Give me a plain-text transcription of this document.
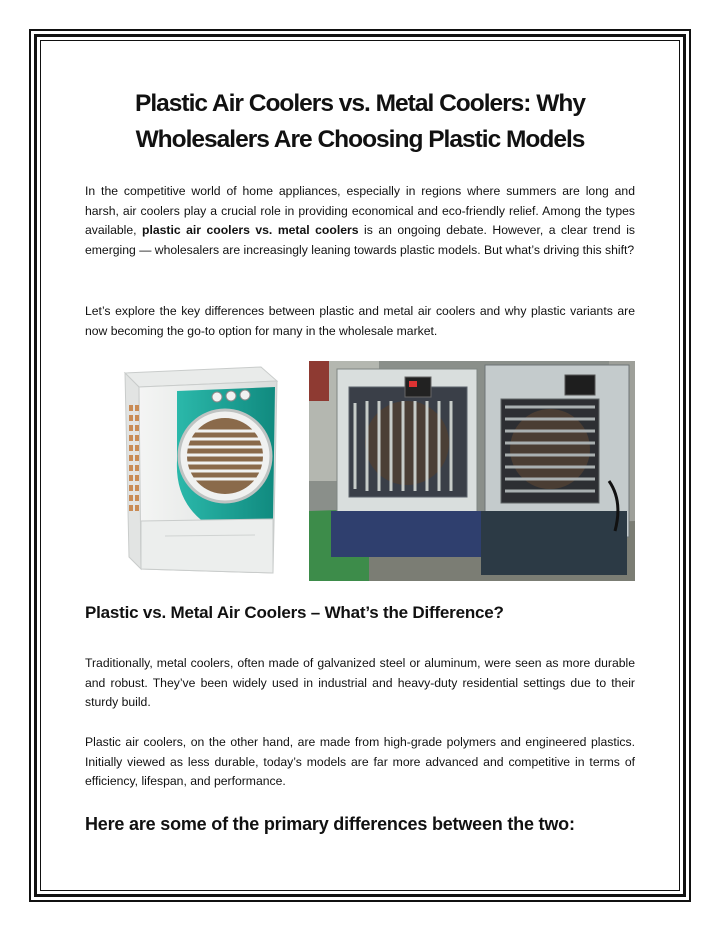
Plastic Air Coolers vs. Metal Coolers: Why Wholesalers Are Choosing Plastic Models

In the competitive world of home appliances, especially in regions where summers are long and harsh, air coolers play a crucial role in providing economical and eco-friendly relief. Among the types available, plastic air coolers vs. metal coolers is an ongoing debate. However, a clear trend is emerging — wholesalers are increasingly leaning towards plastic models. But what’s driving this shift?

Let’s explore the key differences between plastic and metal air coolers and why plastic variants are now becoming the go-to option for many in the wholesale market.

Plastic vs. Metal Air Coolers – What’s the Difference?

Traditionally, metal coolers, often made of galvanized steel or aluminum, were seen as more durable and robust. They’ve been widely used in industrial and heavy-duty residential settings due to their sturdy build.

Plastic air coolers, on the other hand, are made from high-grade polymers and engineered plastics. Initially viewed as less durable, today’s models are far more advanced and competitive in terms of efficiency, lifespan, and performance.

Here are some of the primary differences between the two:
